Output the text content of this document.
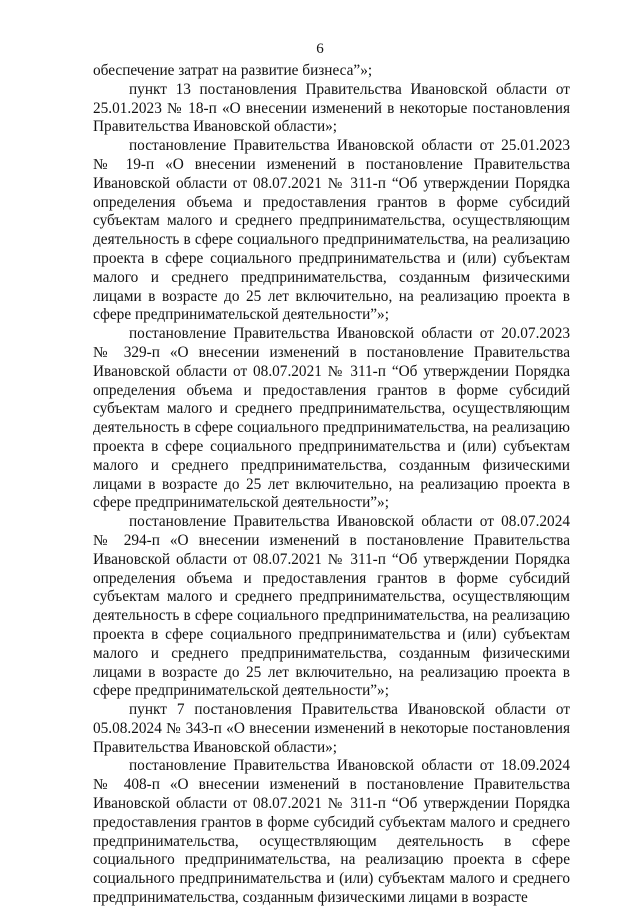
6

обеспечение затрат на развитие бизнеса”»;

пункт 13 постановления Правительства Ивановской области от 25.01.2023 № 18-п «О внесении изменений в некоторые постановления Правительства Ивановской области»;

постановление Правительства Ивановской области от 25.01.2023 № 19-п «О внесении изменений в постановление Правительства Ивановской области от 08.07.2021 № 311-п “Об утверждении Порядка определения объема и предоставления грантов в форме субсидий субъектам малого и среднего предпринимательства, осуществляющим деятельность в сфере социального предпринимательства, на реализацию проекта в сфере социального предпринимательства и (или) субъектам малого и среднего предпринимательства, созданным физическими лицами в возрасте до 25 лет включительно, на реализацию проекта в сфере предпринимательской деятельности”»;

постановление Правительства Ивановской области от 20.07.2023 № 329-п «О внесении изменений в постановление Правительства Ивановской области от 08.07.2021 № 311-п “Об утверждении Порядка определения объема и предоставления грантов в форме субсидий субъектам малого и среднего предпринимательства, осуществляющим деятельность в сфере социального предпринимательства, на реализацию проекта в сфере социального предпринимательства и (или) субъектам малого и среднего предпринимательства, созданным физическими лицами в возрасте до 25 лет включительно, на реализацию проекта в сфере предпринимательской деятельности”»;

постановление Правительства Ивановской области от 08.07.2024 № 294-п «О внесении изменений в постановление Правительства Ивановской области от 08.07.2021 № 311-п “Об утверждении Порядка определения объема и предоставления грантов в форме субсидий субъектам малого и среднего предпринимательства, осуществляющим деятельность в сфере социального предпринимательства, на реализацию проекта в сфере социального предпринимательства и (или) субъектам малого и среднего предпринимательства, созданным физическими лицами в возрасте до 25 лет включительно, на реализацию проекта в сфере предпринимательской деятельности”»;

пункт 7 постановления Правительства Ивановской области от 05.08.2024 № 343-п «О внесении изменений в некоторые постановления Правительства Ивановской области»;

постановление Правительства Ивановской области от 18.09.2024 № 408-п «О внесении изменений в постановление Правительства Ивановской области от 08.07.2021 № 311-п “Об утверждении Порядка предоставления грантов в форме субсидий субъектам малого и среднего предпринимательства, осуществляющим деятельность в сфере социального предпринимательства, на реализацию проекта в сфере социального предпринимательства и (или) субъектам малого и среднего предпринимательства, созданным физическими лицами в возрасте
